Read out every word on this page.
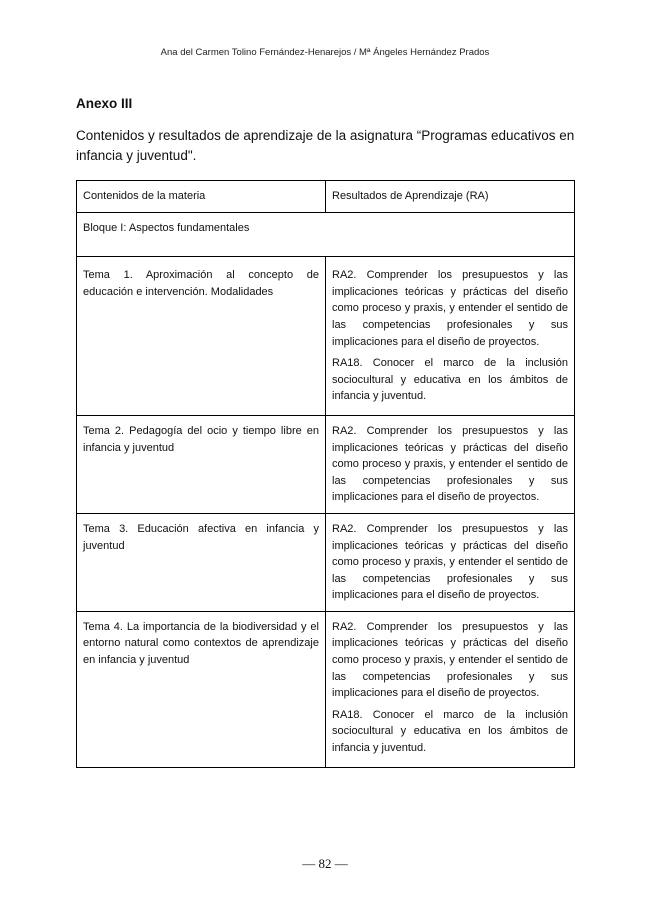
Ana del Carmen Tolino Fernández-Henarejos / Mª Ángeles Hernández Prados
Anexo III
Contenidos y resultados de aprendizaje de la asignatura “Programas educativos en infancia y juventud".
Contenidos de la materia	Resultados de Aprendizaje (RA)
Bloque I: Aspectos fundamentales	

Tema 1. Aproximación al concepto de educación e intervención. Modalidades	RA2. Comprender los presupuestos y las implicaciones teóricas y prácticas del diseño como proceso y praxis, y entender el sentido de las competencias profesionales y sus implicaciones para el diseño de proyectos.

RA18. Conocer el marco de la inclusión sociocultural y educativa en los ámbitos de infancia y juventud.

Tema 2. Pedagogía del ocio y tiempo libre en infancia y juventud	RA2. Comprender los presupuestos y las implicaciones teóricas y prácticas del diseño como proceso y praxis, y entender el sentido de las competencias profesionales y sus implicaciones para el diseño de proyectos.

Tema 3. Educación afectiva en infancia y juventud	RA2. Comprender los presupuestos y las implicaciones teóricas y prácticas del diseño como proceso y praxis, y entender el sentido de las competencias profesionales y sus implicaciones para el diseño de proyectos.

Tema 4. La importancia de la biodiversidad y el entorno natural como contextos de aprendizaje en infancia y juventud	RA2. Comprender los presupuestos y las implicaciones teóricas y prácticas del diseño como proceso y praxis, y entender el sentido de las competencias profesionales y sus implicaciones para el diseño de proyectos.

RA18. Conocer el marco de la inclusión sociocultural y educativa en los ámbitos de infancia y juventud.

— 82 —
